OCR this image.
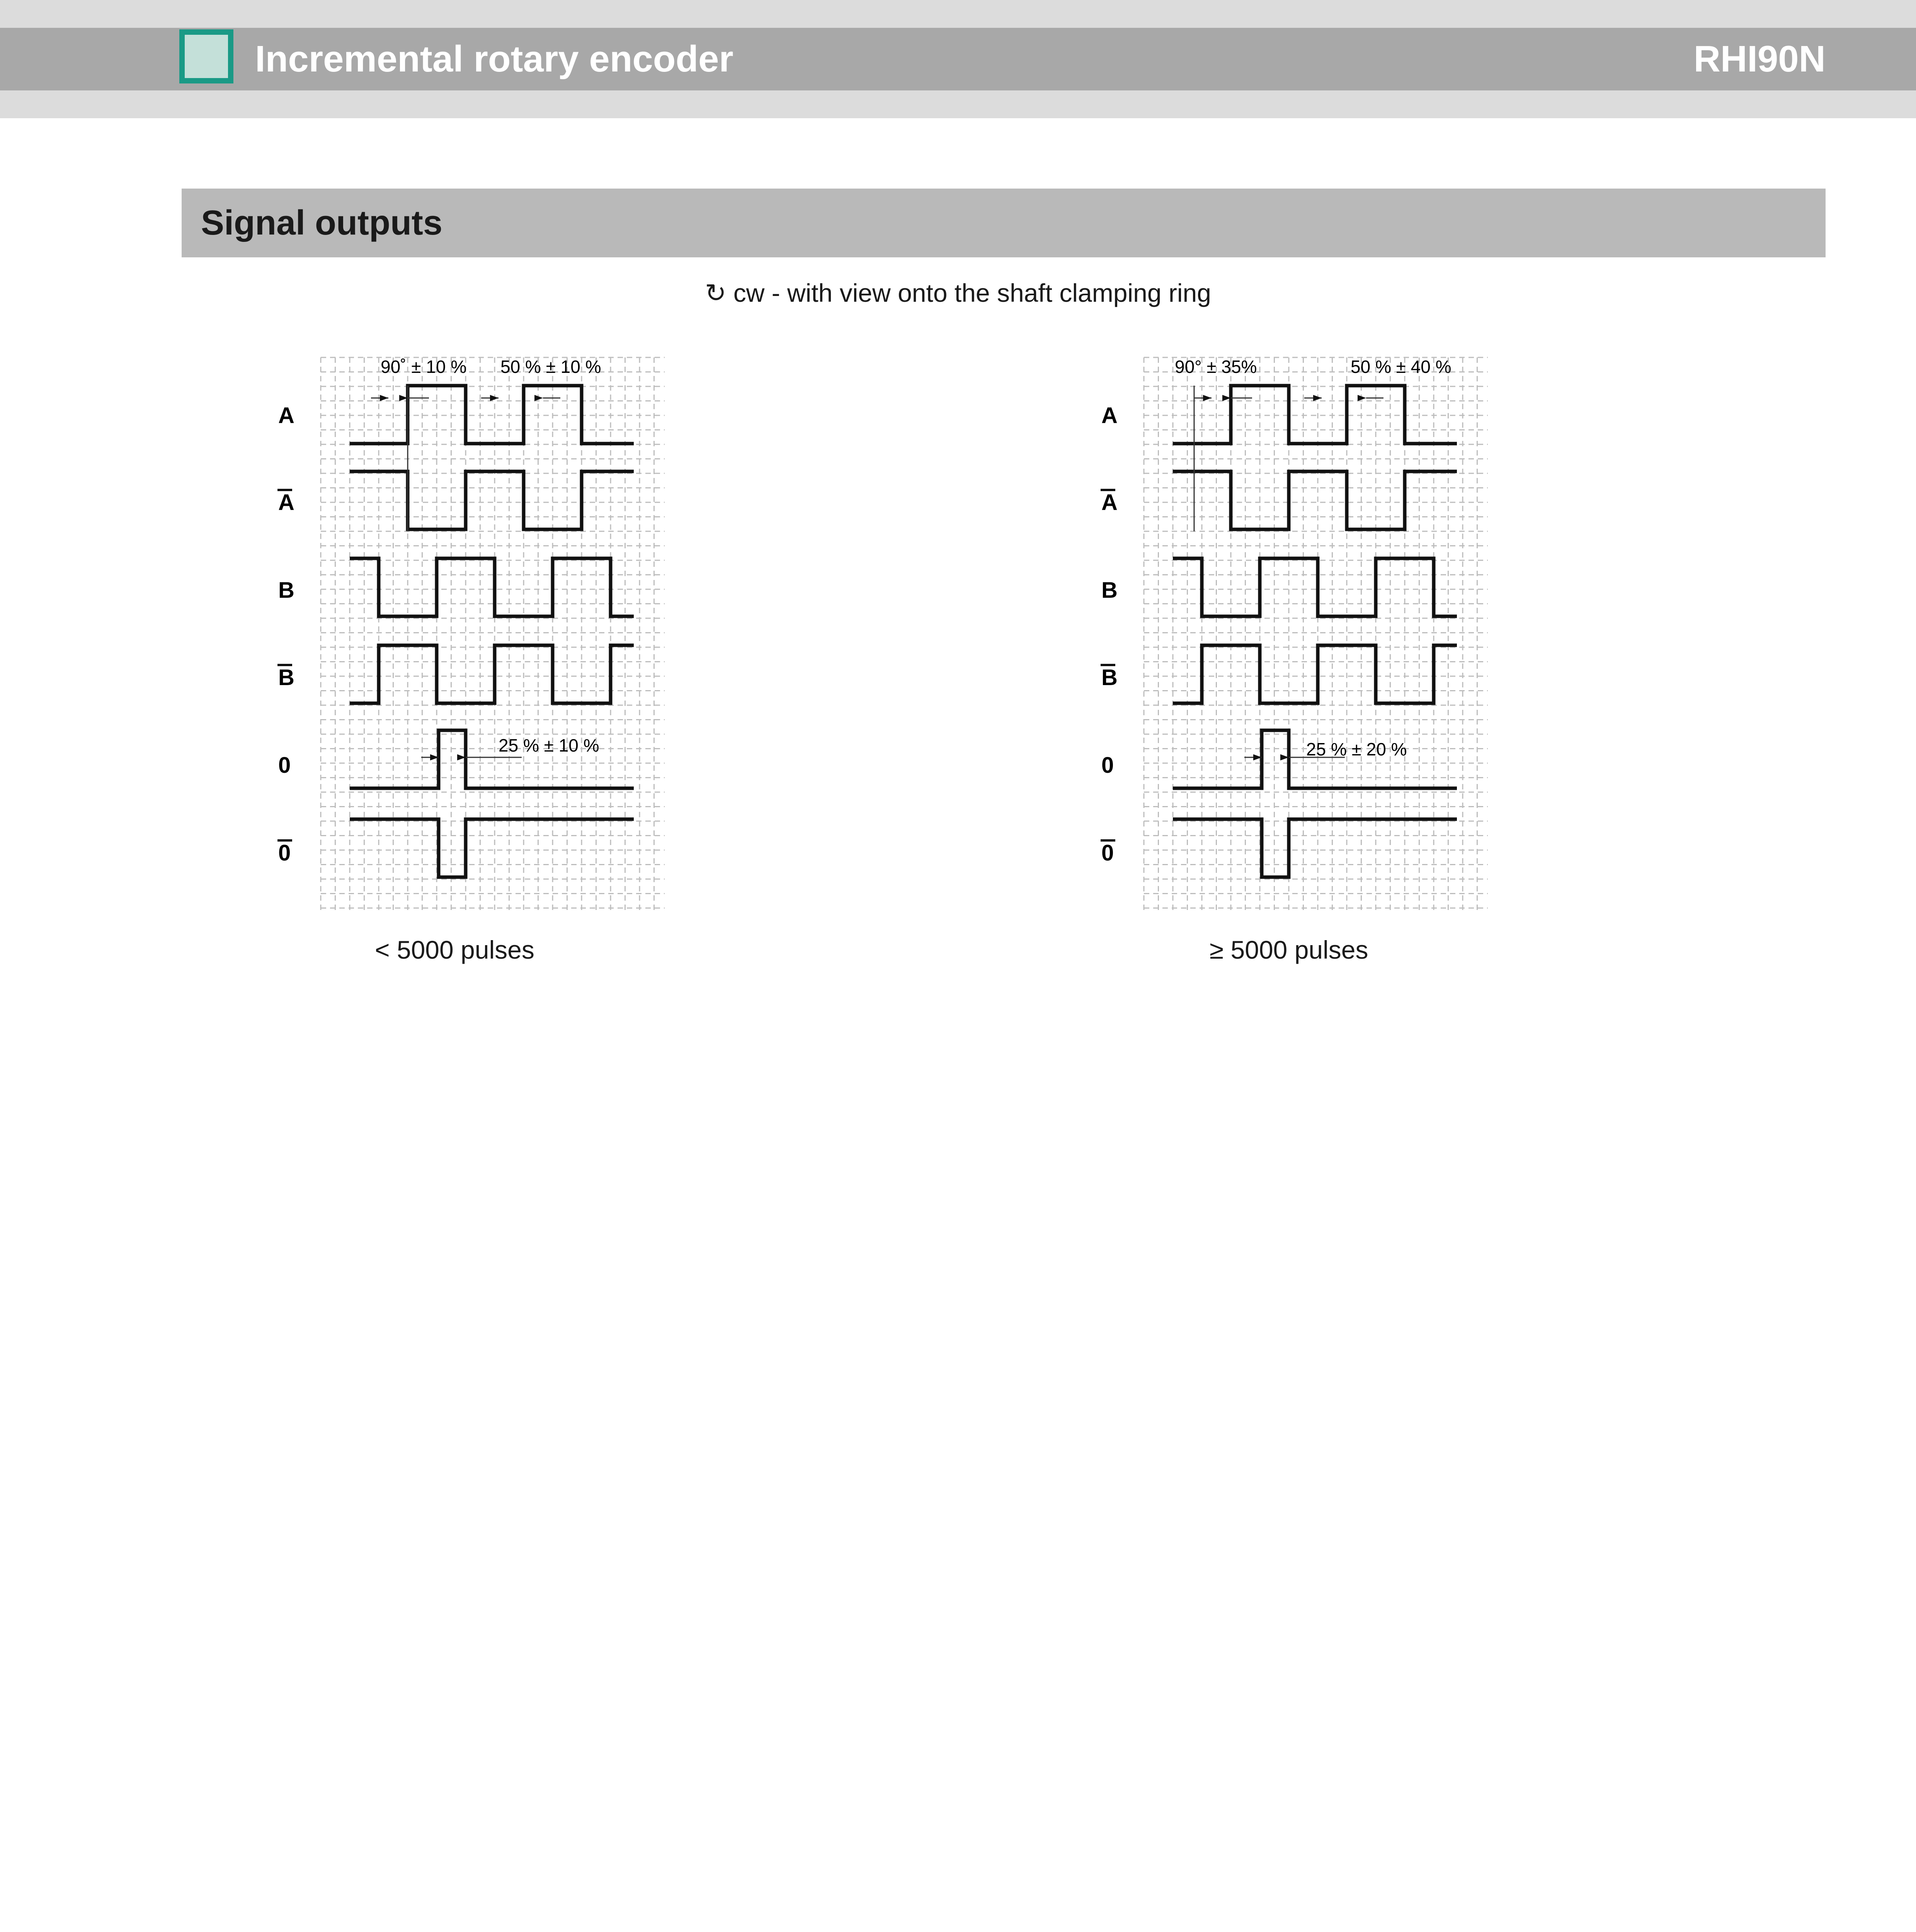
Incremental rotary encoder	RHI90N
Signal outputs
↻ cw - with view onto the shaft clamping ring
90˚ ± 10 % 50 % ± 10 %
25 % ± 10 %
A
A
B
B
0
0
< 5000 pulses
90° ± 35%	50 % ± 40 %
25 % ± 20 %
A
A
B
B
0
0
≥ 5000 pulses
